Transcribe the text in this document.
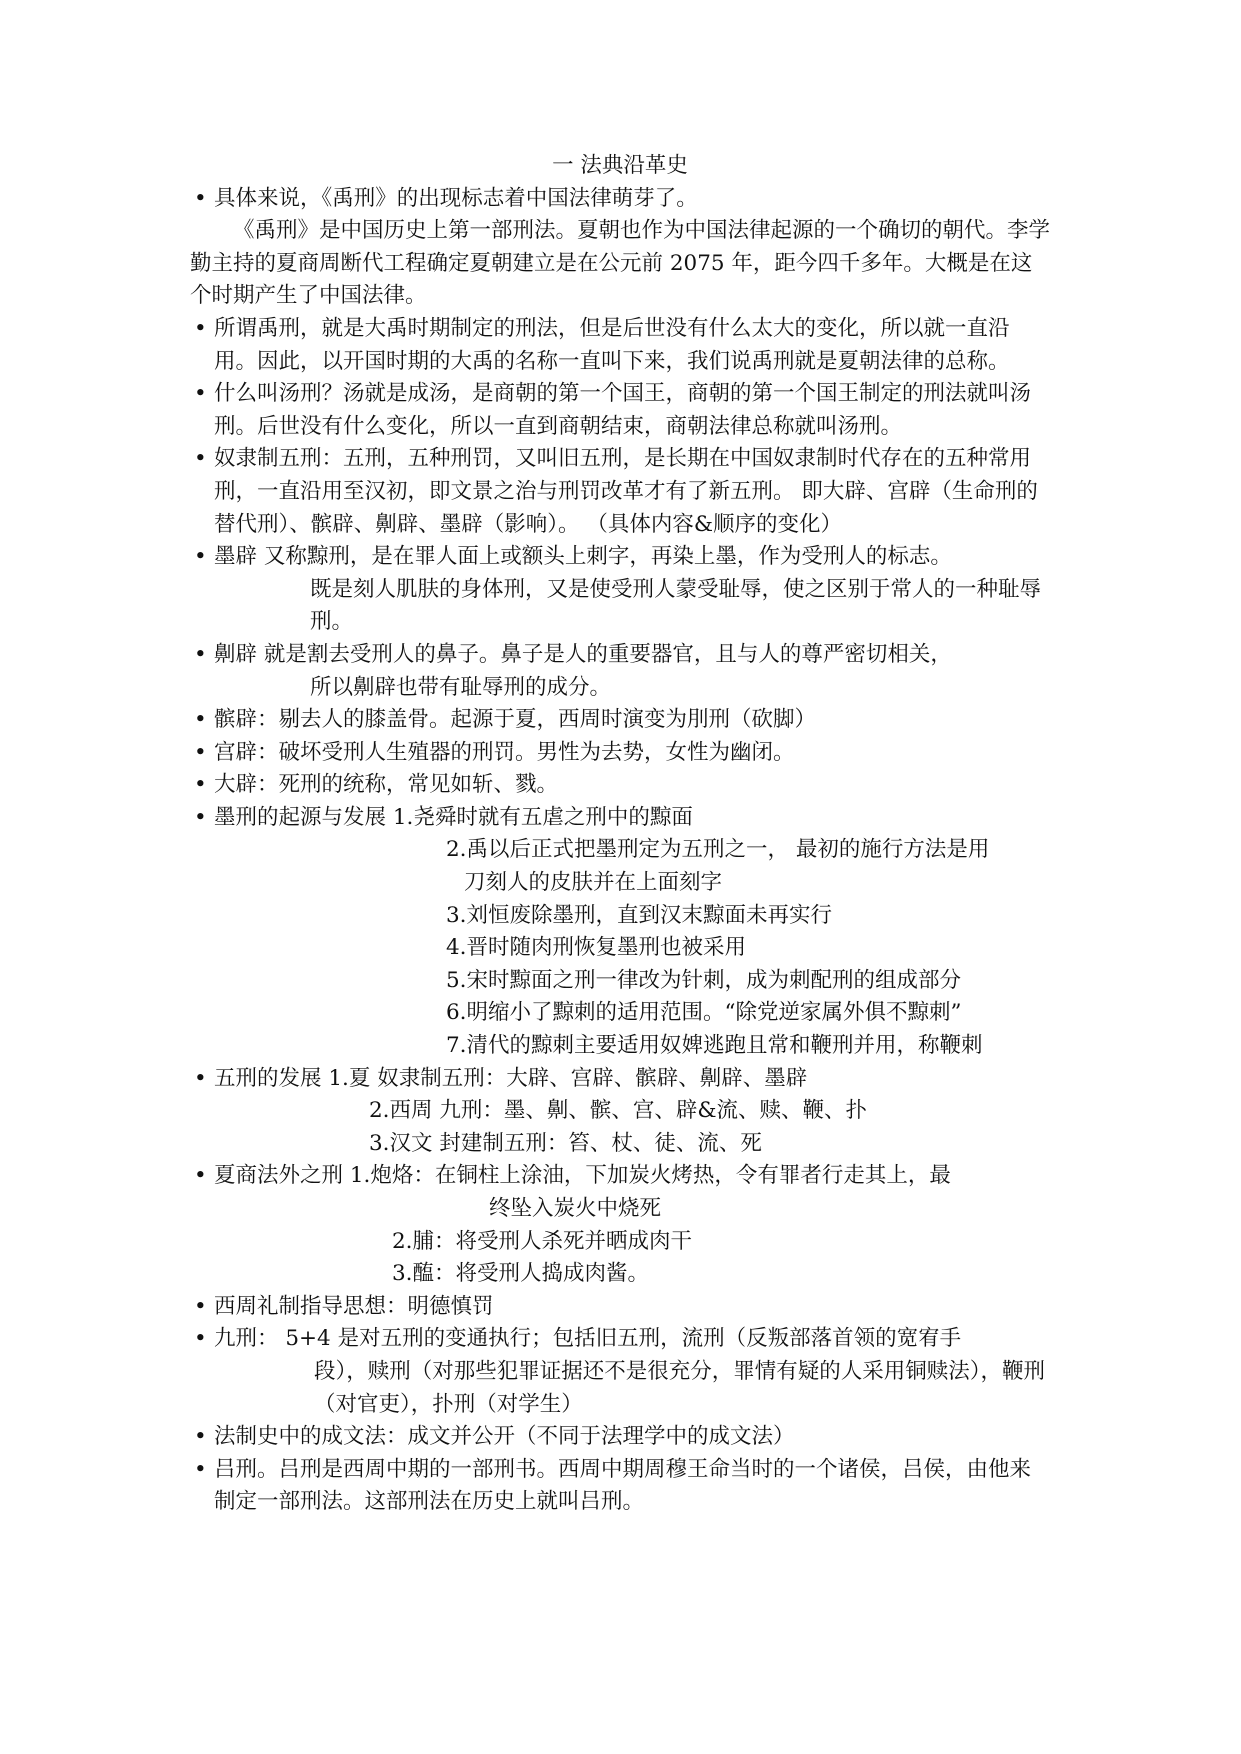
一 法典沿革史

• 具体来说，《禹刑》的出现标志着中国法律萌芽了。

《禹刑》是中国历史上第一部刑法。夏朝也作为中国法律起源的一个确切的朝代。李学勤主持的夏商周断代工程确定夏朝建立是在公元前 2075 年，距今四千多年。大概是在这个时期产生了中国法律。

• 所谓禹刑，就是大禹时期制定的刑法，但是后世没有什么太大的变化，所以就一直沿用。因此，以开国时期的大禹的名称一直叫下来，我们说禹刑就是夏朝法律的总称。

• 什么叫汤刑？汤就是成汤，是商朝的第一个国王，商朝的第一个国王制定的刑法就叫汤刑。后世没有什么变化，所以一直到商朝结束，商朝法律总称就叫汤刑。

• 奴隶制五刑：五刑，五种刑罚，又叫旧五刑，是长期在中国奴隶制时代存在的五种常用刑，一直沿用至汉初，即文景之治与刑罚改革才有了新五刑。 即大辟、宫辟（生命刑的替代刑）、髌辟、劓辟、墨辟（影响）。 （具体内容&顺序的变化）

• 墨辟 又称黥刑，是在罪人面上或额头上刺字，再染上墨，作为受刑人的标志。

既是刻人肌肤的身体刑，又是使受刑人蒙受耻辱，使之区别于常人的一种耻辱刑。

• 劓辟 就是割去受刑人的鼻子。鼻子是人的重要器官，且与人的尊严密切相关，

所以劓辟也带有耻辱刑的成分。

• 髌辟：剔去人的膝盖骨。起源于夏，西周时演变为刖刑（砍脚）

• 宫辟：破坏受刑人生殖器的刑罚。男性为去势，女性为幽闭。

• 大辟：死刑的统称，常见如斩、戮。

• 墨刑的起源与发展 1.尧舜时就有五虐之刑中的黥面

2.禹以后正式把墨刑定为五刑之一， 最初的施行方法是用

刀刻人的皮肤并在上面刻字

3.刘恒废除墨刑，直到汉末黥面未再实行

4.晋时随肉刑恢复墨刑也被采用

5.宋时黥面之刑一律改为针刺，成为刺配刑的组成部分

6.明缩小了黥刺的适用范围。“除党逆家属外俱不黥刺”

7.清代的黥刺主要适用奴婢逃跑且常和鞭刑并用，称鞭刺

• 五刑的发展 1.夏 奴隶制五刑：大辟、宫辟、髌辟、劓辟、墨辟

2.西周 九刑：墨、劓、髌、宫、辟&流、赎、鞭、扑

3.汉文 封建制五刑：笞、杖、徒、流、死

• 夏商法外之刑 1.炮烙：在铜柱上涂油，下加炭火烤热，令有罪者行走其上，最

终坠入炭火中烧死

2.脯：将受刑人杀死并晒成肉干

3.醢：将受刑人捣成肉酱。

• 西周礼制指导思想：明德慎罚

• 九刑： 5+4 是对五刑的变通执行；包括旧五刑，流刑（反叛部落首领的宽宥手

段），赎刑（对那些犯罪证据还不是很充分，罪情有疑的人采用铜赎法），鞭刑（对官吏），扑刑（对学生）

• 法制史中的成文法：成文并公开（不同于法理学中的成文法）

• 吕刑。吕刑是西周中期的一部刑书。西周中期周穆王命当时的一个诸侯，吕侯，由他来制定一部刑法。这部刑法在历史上就叫吕刑。
